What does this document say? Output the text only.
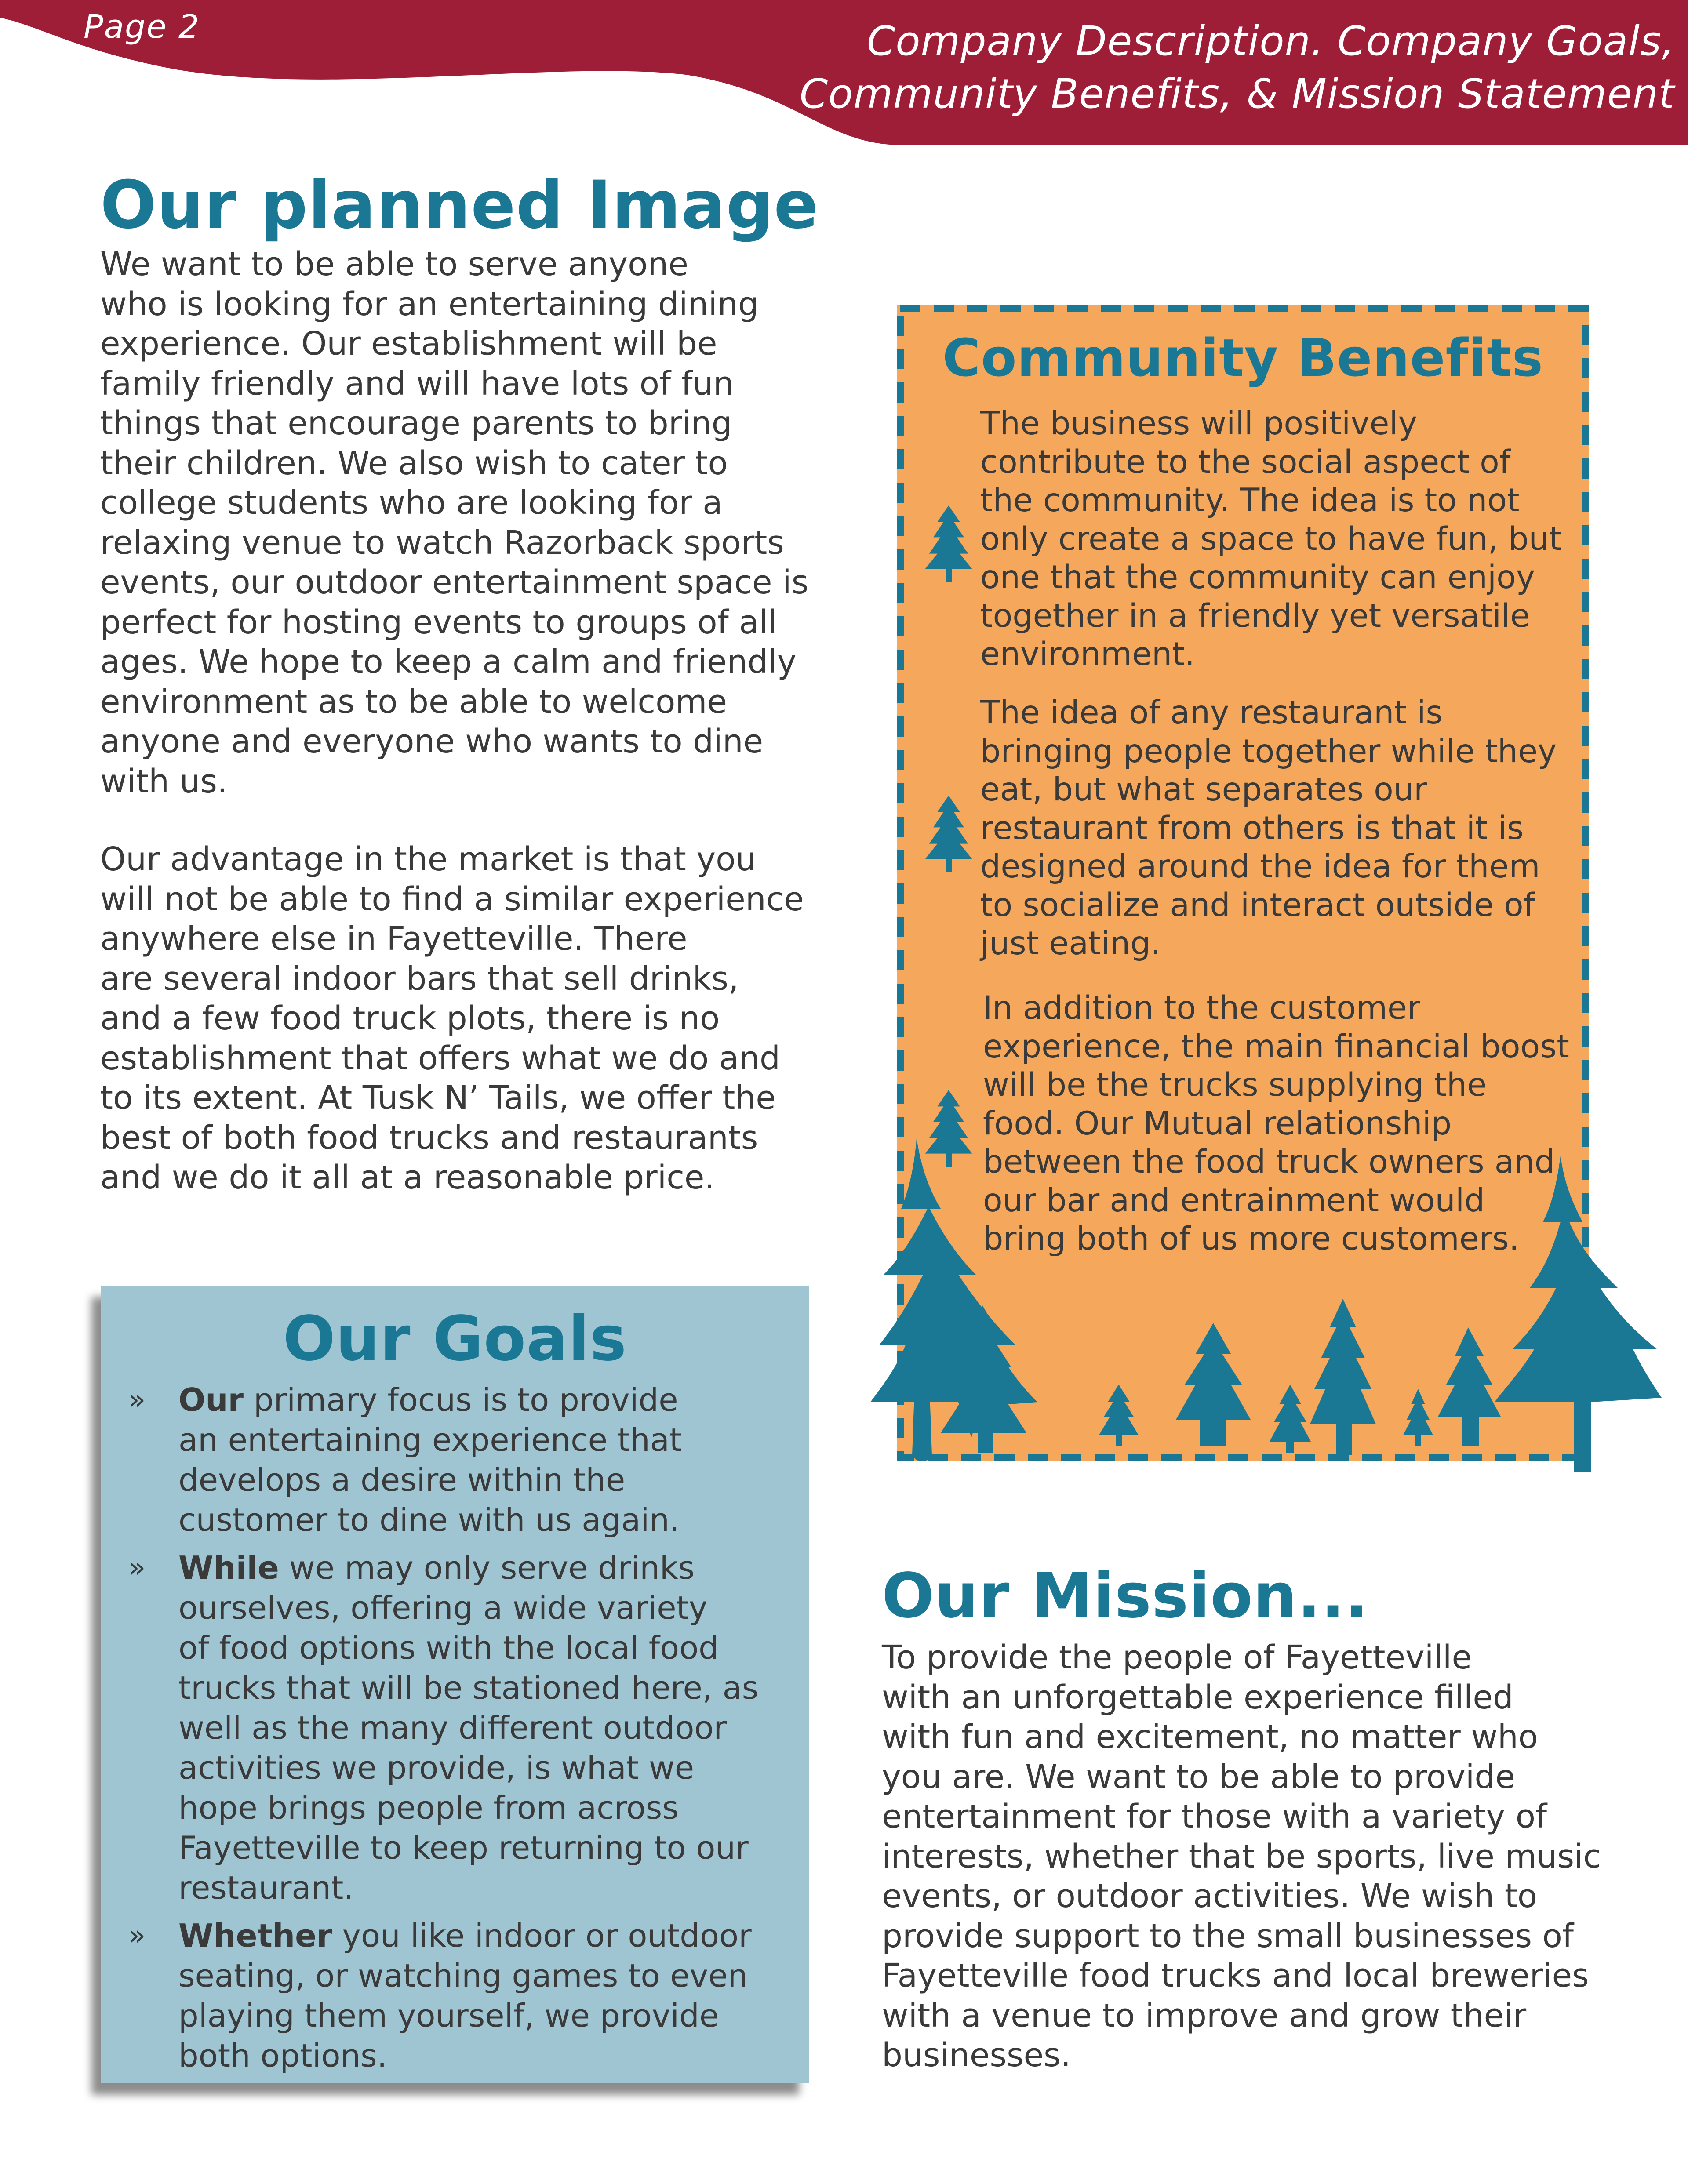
Page 2	Company Description. Company Goals,
Community Benefits, & Mission Statement
Our planned Image

We want to be able to serve anyone
who is looking for an entertaining dining
experience. Our establishment will be
family friendly and will have lots of fun
things that encourage parents to bring
their children. We also wish to cater to
college students who are looking for a
relaxing venue to watch Razorback sports
events, our outdoor entertainment space is
perfect for hosting events to groups of all
ages. We hope to keep a calm and friendly
environment as to be able to welcome
anyone and everyone who wants to dine
with us.

Our advantage in the market is that you
will not be able to find a similar experience
anywhere else in Fayetteville. There
are several indoor bars that sell drinks,
and a few food truck plots, there is no
establishment that offers what we do and
to its extent. At Tusk N’ Tails, we offer the
best of both food trucks and restaurants
and we do it all at a reasonable price.

Our Goals
» Our primary focus is to provide
an entertaining experience that
develops a desire within the
customer to dine with us again.
» While we may only serve drinks
ourselves, offering a wide variety
of food options with the local food
trucks that will be stationed here, as
well as the many different outdoor
activities we provide, is what we
hope brings people from across
Fayetteville to keep returning to our
restaurant.
» Whether you like indoor or outdoor
seating, or watching games to even
playing them yourself, we provide
both options.
Community Benefits

The business will positively
contribute to the social aspect of
the community. The idea is to not
only create a space to have fun, but
one that the community can enjoy
together in a friendly yet versatile
environment.

The idea of any restaurant is
bringing people together while they
eat, but what separates our
restaurant from others is that it is
designed around the idea for them
to socialize and interact outside of
just eating.

In addition to the customer
experience, the main financial boost
will be the trucks supplying the
food. Our Mutual relationship
between the food truck owners and
our bar and entrainment would
bring both of us more customers.

Our Mission...

To provide the people of Fayetteville
with an unforgettable experience filled
with fun and excitement, no matter who
you are. We want to be able to provide
entertainment for those with a variety of
interests, whether that be sports, live music
events, or outdoor activities. We wish to
provide support to the small businesses of
Fayetteville food trucks and local breweries
with a venue to improve and grow their
businesses.
